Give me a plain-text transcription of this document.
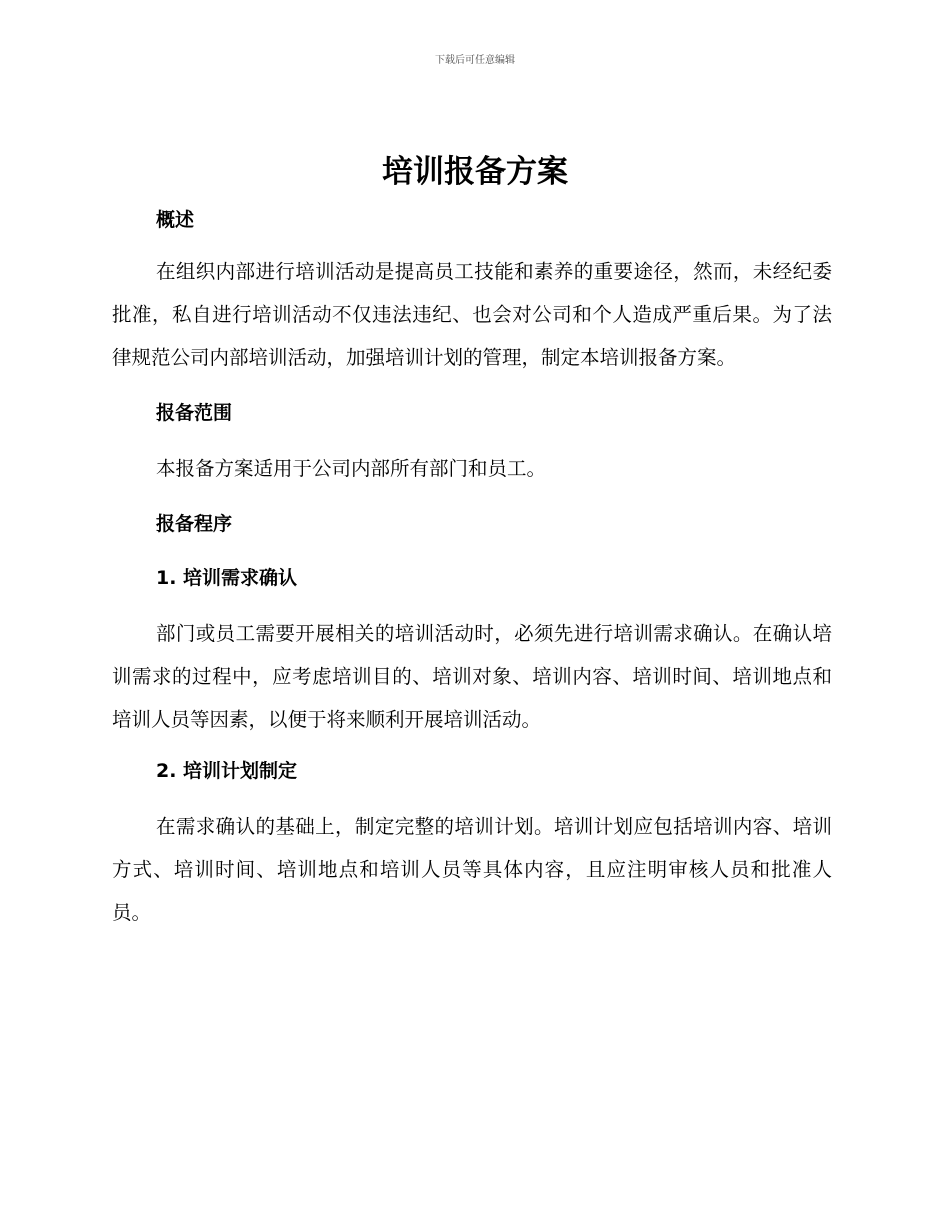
下载后可任意编辑
培训报备方案
概述

在组织内部进行培训活动是提高员工技能和素养的重要途径，然而，未经纪委批准，私自进行培训活动不仅违法违纪、也会对公司和个人造成严重后果。为了法律规范公司内部培训活动，加强培训计划的管理，制定本培训报备方案。

报备范围

本报备方案适用于公司内部所有部门和员工。

报备程序
1. 培训需求确认

部门或员工需要开展相关的培训活动时，必须先进行培训需求确认。在确认培训需求的过程中，应考虑培训目的、培训对象、培训内容、培训时间、培训地点和培训人员等因素，以便于将来顺利开展培训活动。

2. 培训计划制定

在需求确认的基础上，制定完整的培训计划。培训计划应包括培训内容、培训方式、培训时间、培训地点和培训人员等具体内容，且应注明审核人员和批准人员。
